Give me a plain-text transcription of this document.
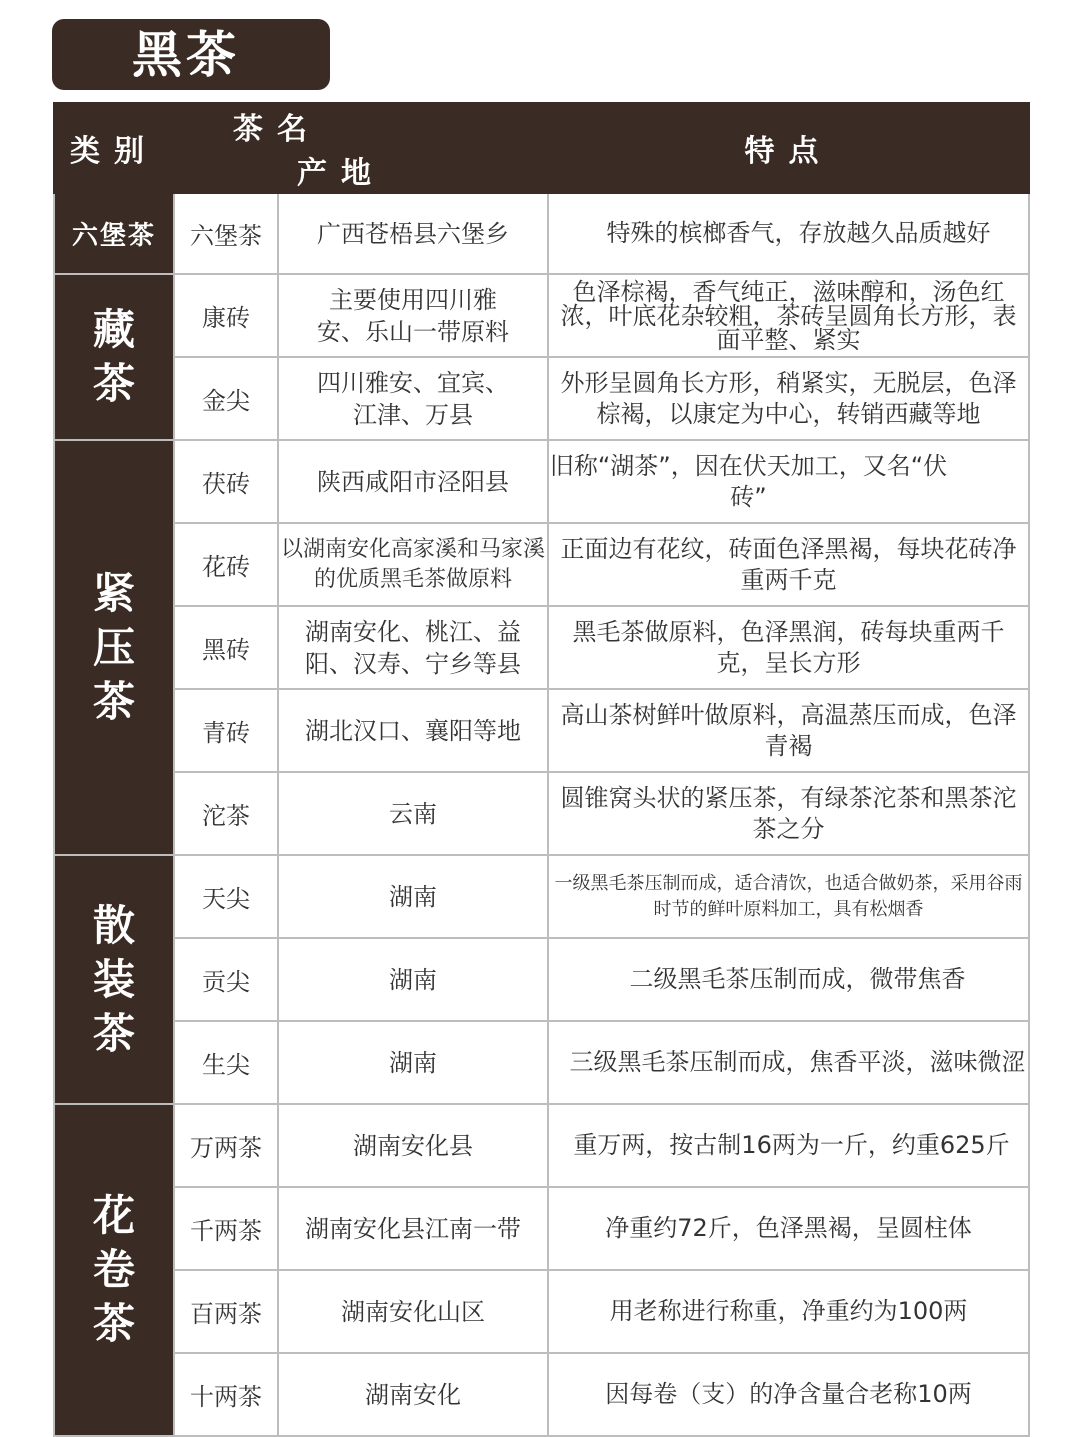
黑茶
类别	茶名产地		特点
六堡茶	六堡茶	广西苍梧县六堡乡	特殊的槟榔香气，存放越久品质越好

藏茶	康砖	主要使用四川雅安、乐山一带原料	色泽棕褐，香气纯正，滋味醇和，汤色红浓，叶底花杂较粗，茶砖呈圆角长方形，表面平整、紧实
	金尖	四川雅安、宜宾、江津、万县	外形呈圆角长方形，稍紧实，无脱层，色泽棕褐，以康定为中心，转销西藏等地

紧压茶	茯砖	陕西咸阳市泾阳县	旧称“湖茶”，因在伏天加工，又名“伏砖”
	花砖	以湖南安化高家溪和马家溪的优质黑毛茶做原料	正面边有花纹，砖面色泽黑褐，每块花砖净重两千克
	黑砖	湖南安化、桃江、益阳、汉寿、宁乡等县	黑毛茶做原料，色泽黑润，砖每块重两千克，呈长方形
	青砖	湖北汉口、襄阳等地	高山茶树鲜叶做原料，高温蒸压而成，色泽青褐
	沱茶	云南	圆锥窝头状的紧压茶，有绿茶沱茶和黑茶沱茶之分

散装茶	天尖	湖南	一级黑毛茶压制而成，适合清饮，也适合做奶茶，采用谷雨时节的鲜叶原料加工，具有松烟香
	贡尖	湖南	二级黑毛茶压制而成，微带焦香
	生尖	湖南	三级黑毛茶压制而成，焦香平淡，滋味微涩

花卷茶	万两茶	湖南安化县	重万两，按古制16两为一斤，约重625斤
	千两茶	湖南安化县江南一带	净重约72斤，色泽黑褐，呈圆柱体
	百两茶	湖南安化山区	用老称进行称重，净重约为100两
	十两茶	湖南安化	因每卷（支）的净含量合老称10两
